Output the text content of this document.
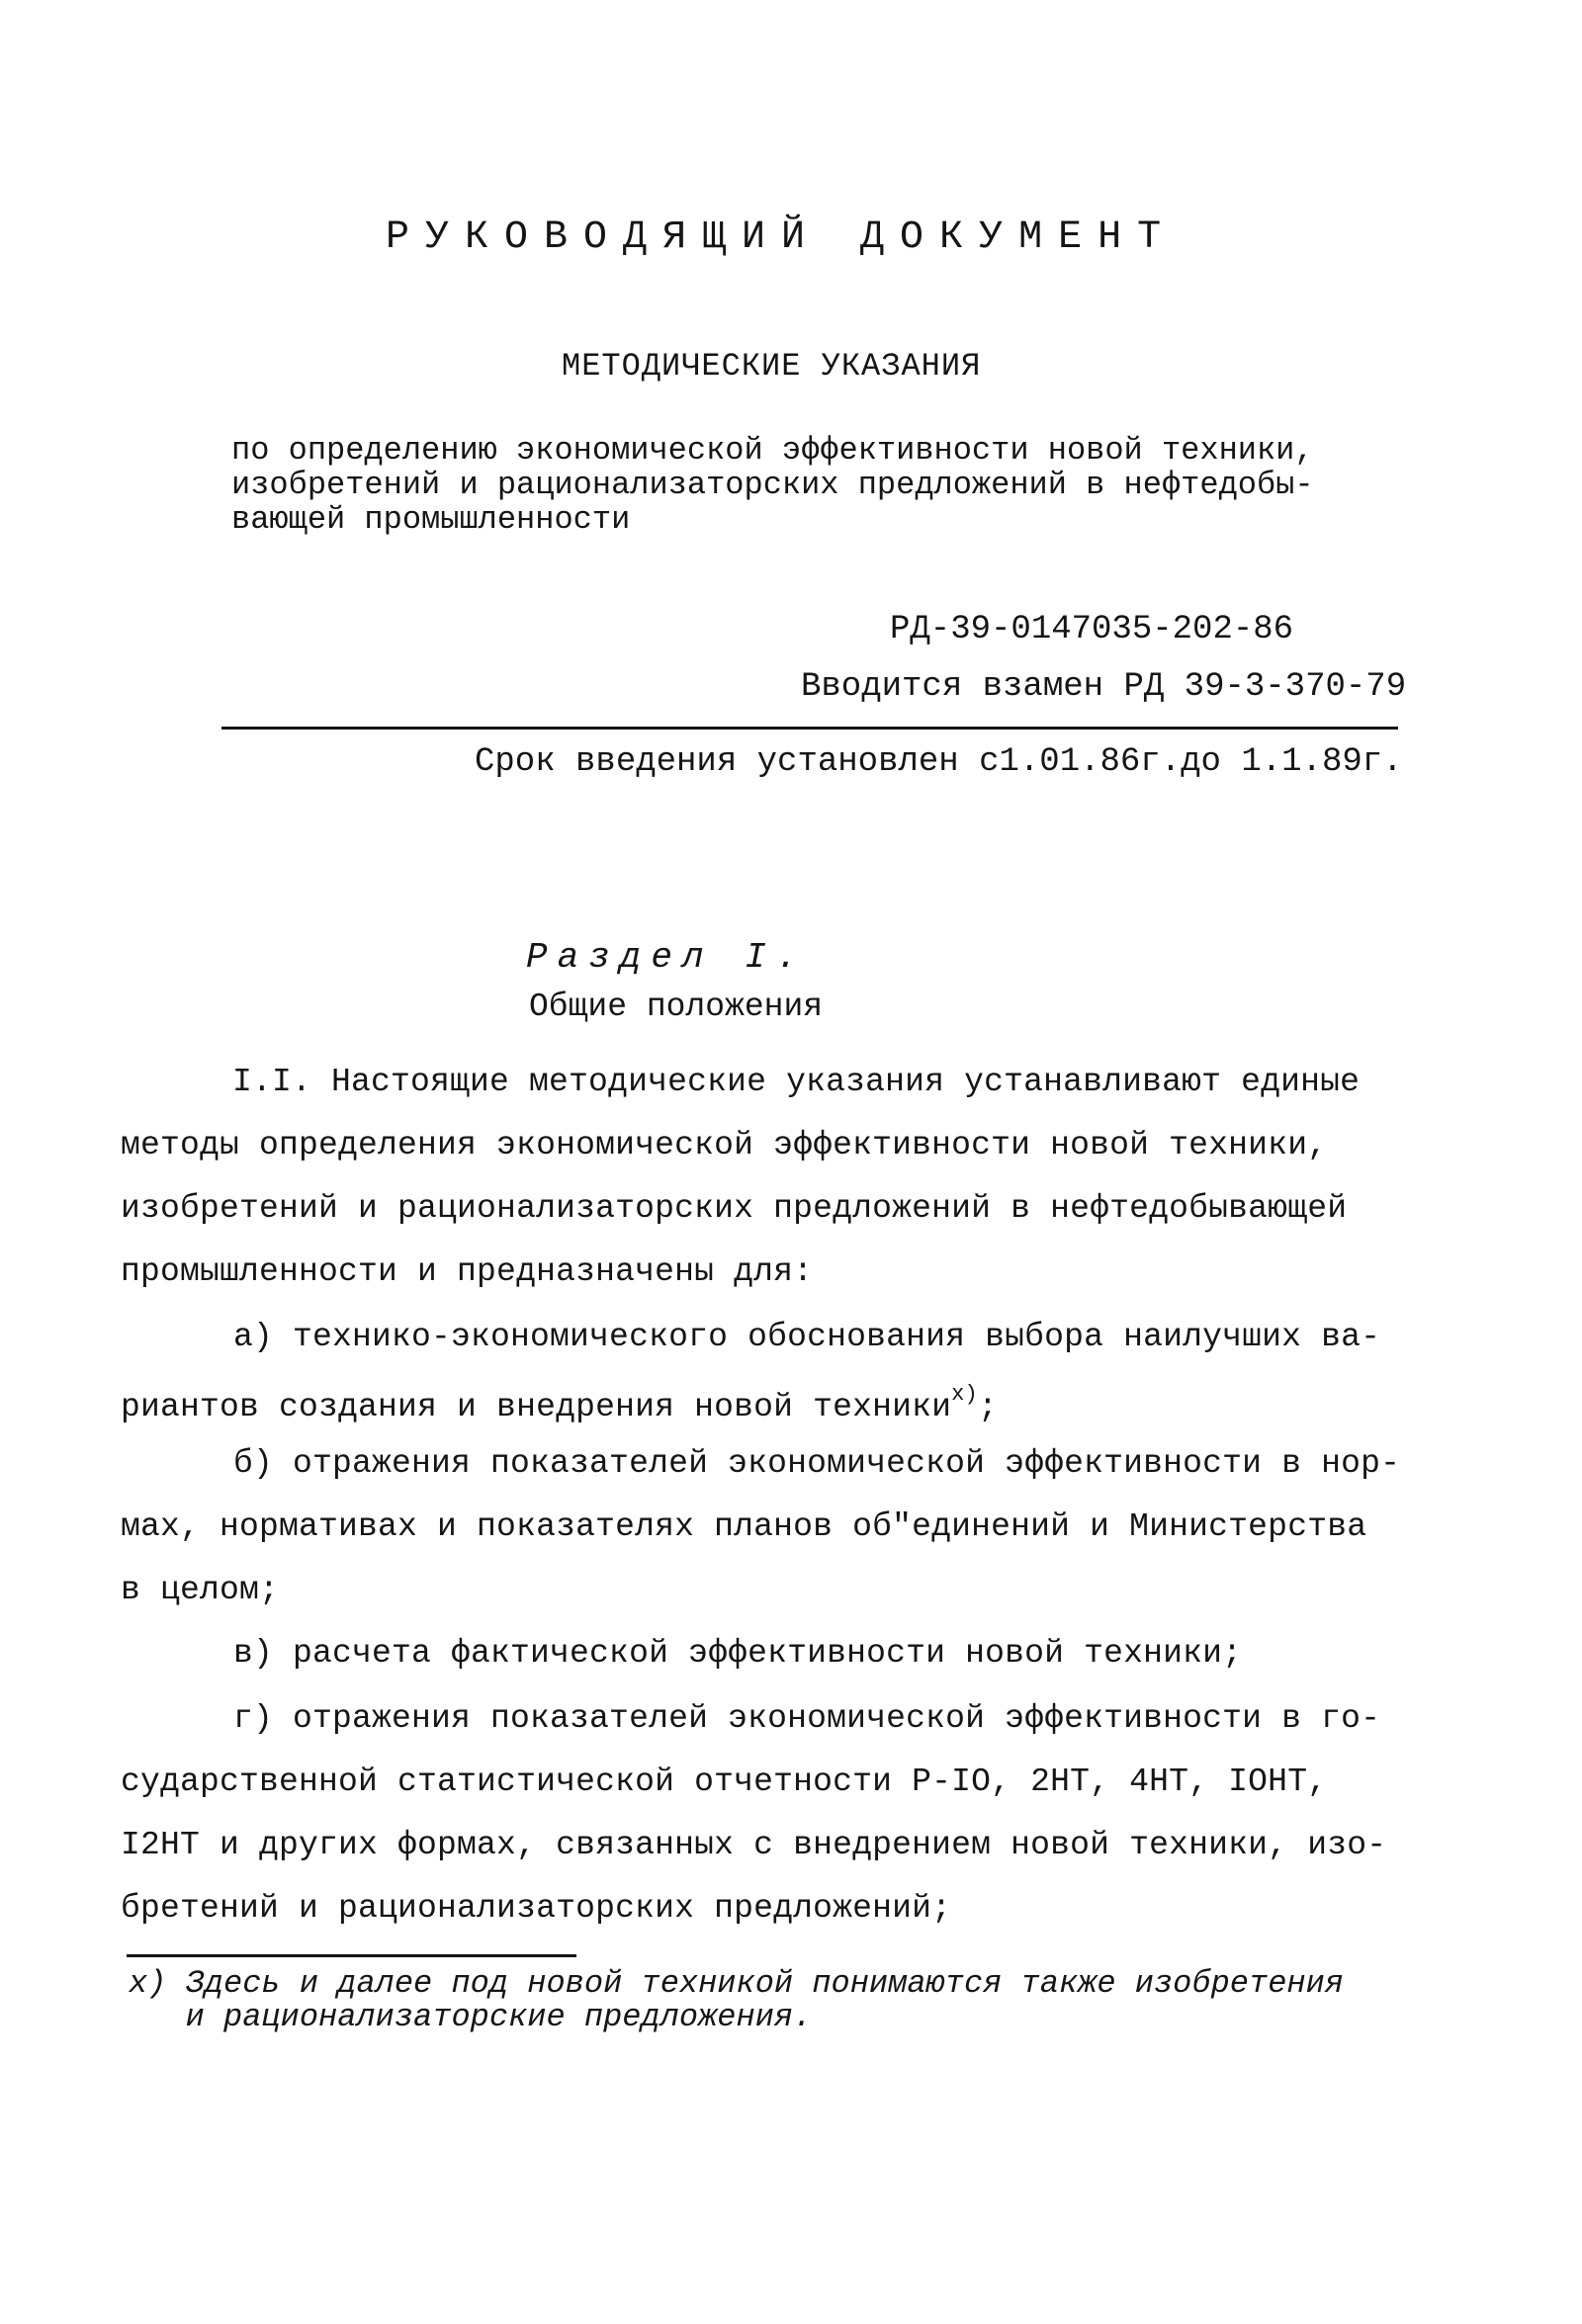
РУКОВОДЯЩИЙ ДОКУМЕНТ
МЕТОДИЧЕСКИЕ УКАЗАНИЯ
по определению экономической эффективности новой техники,
изобретений и рационализаторских предложений в нефтедобы-
вающей промышленности
РД-39-0147035-202-86
Вводится взамен РД 39-3-370-79
Срок введения установлен с1.01.86г.до 1.1.89г.
Раздел I.
Общие положения
I.I. Настоящие методические указания устанавливают единые
методы определения экономической эффективности новой техники,
изобретений и рационализаторских предложений в нефтедобывающей
промышленности и предназначены для:
а) технико-экономического обоснования выбора наилучших ва-
риантов создания и внедрения новой техники$^{x)}$;
б) отражения показателей экономической эффективности в нор-
мах, нормативах и показателях планов об"единений и Министерства
в целом;
в) расчета фактической эффективности новой техники;
г) отражения показателей экономической эффективности в го-
сударственной статистической отчетности Р-IO, 2НТ, 4НТ, IOНТ,
I2НТ и других формах, связанных с внедрением новой техники, изо-
бретений и рационализаторских предложений;
x) Здесь и далее под новой техникой понимаются также изобретения
и рационализаторские предложения.
